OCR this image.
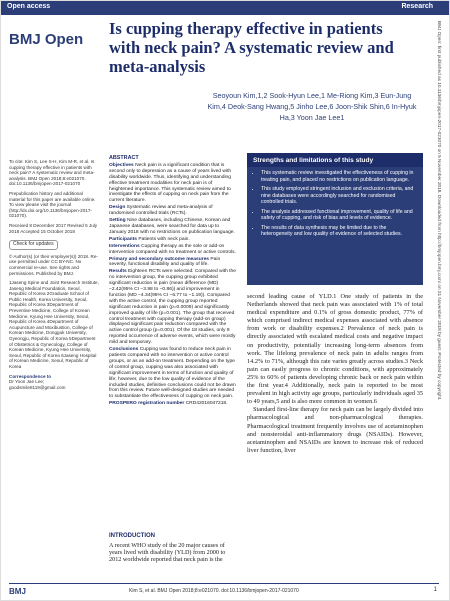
Open access	Research
BMJ Open
Is cupping therapy effective in patients with neck pain? A systematic review and meta-analysis
Seoyoun Kim,1,2 Sook-Hyun Lee,1 Me-Riong Kim,3 Eun-Jung Kim,4 Deok-Sang Hwang,5 Jinho Lee,6 Joon-Shik Shin,6 In-Hyuk Ha,3 Yoon Jae Lee1

To cite: Kim S, Lee S-H, Kim M-R, et al. Is cupping therapy effective in patients with neck pain? A systematic review and meta-analysis. BMJ Open 2018;8:e021070. doi:10.1136/bmjopen-2017-021070

Prepublication history and additional material for this paper are available online. To view please visit the journal (http://dx.doi.org/10.1136/bmjopen-2017-021070).

Received 8 December 2017 Revised 5 July 2018 Accepted 15 October 2018

Check for updates

© Author(s) (or their employer(s)) 2018. Re-use permitted under CC BY-NC. No commercial re-use. See rights and permissions. Published by BMJ.

1Jaseng Spine and Joint Research Institute, Jaseng Medical Foundation, Seoul, Republic of Korea 2Graduate School of Public Health, Korea University, Seoul, Republic of Korea 3Department of Preventive Medicine, College of Korean Medicine, Kyung Hee University, Seoul, Republic of Korea 4Department of Acupuncture and Moxibustion, College of Korean Medicine, Dongguk University, Gyeongju, Republic of Korea 5Department of Obstetrics & Gynecology, College of Korean Medicine, Kyung Hee University, Seoul, Republic of Korea 6Jaseng Hospital of Korean Medicine, Seoul, Republic of Korea

Correspondence to
Dr Yoon Jae Lee; goodsmile8119@gmail.com
ABSTRACT

Objectives Neck pain is a significant condition that is second only to depression as a cause of years lived with disability worldwide. Thus, identifying and understanding effective treatment modalities for neck pain is of heightened importance. This systematic review aimed to investigate the effects of cupping on neck pain from the current literature.

Design Systematic review and meta-analysis of randomised controlled trials (RCTs).

Setting Nine databases, including Chinese, Korean and Japanese databases, were searched for data up to January 2018 with no restrictions on publication language.

Participants Patients with neck pain.

Interventions Cupping therapy as the sole or add-on intervention compared with no treatment or active controls.

Primary and secondary outcome measures Pain severity, functional disability and quality of life.

Results Eighteen RCTs were selected. Compared with the no intervention group, the cupping group exhibited significant reduction in pain (mean difference (MD) −2.42(95% CI −3.98 to −0.86)) and improvement in function (MD −4.34(95% CI −6.77 to −1.19)). Compared with the active control, the cupping group reported significant reduction in pain (p=0.0009) and significantly improved quality of life (p=0.001). The group that received control treatment with cupping therapy (add-on group) displayed significant pain reduction compared with the active control group (p=0.001). Of the 18 studies, only 8 reported occurrence of adverse events, which were mostly mild and temporary.

Conclusions Cupping was found to reduce neck pain in patients compared with no intervention or active control groups, or as an add-on treatment. Depending on the type of control group, cupping was also associated with significant improvement in terms of function and quality of life; however, due to the low quality of evidence of the included studies, definitive conclusions could not be drawn from this review. Future well-designed studies are needed to substantiate the effectiveness of cupping on neck pain.

PROSPERO registration number CRD42016047218.

INTRODUCTION
A recent WHO study of the 20 major causes of years lived with disability (YLD) from 2000 to 2012 worldwide reported that neck pain is the
Strengths and limitations of this study
• This systematic review investigated the effectiveness of cupping in treating pain, and placed no restrictions on publication language.
• This study employed stringent inclusion and exclusion criteria, and nine databases were accordingly searched for randomised controlled trials.
• The analysis addressed functional improvement, quality of life and safety of cupping, and risk of bias and levels of evidence.
• The results of data synthesis may be limited due to the heterogeneity and low quality of evidence of selected studies.

second leading cause of YLD.1 One study of patients in the Netherlands showed that neck pain was associated with 1% of total medical expenditure and 0.1% of gross domestic product, 77% of which comprised indirect medical expenses associated with absence from work or disability expenses.2 Prevalence of neck pain is directly associated with escalated medical costs and negative impact on productivity, potentially increasing long-term absences from work. The lifelong prevalence of neck pain in adults ranges from 14.2% to 71%, although this rate varies greatly across studies.3 Neck pain can easily progress to chronic conditions, with approximately 25% to 60% of patients developing chronic back or neck pain within the first year.4 Additionally, neck pain is reported to be most prevalent in high activity age groups, particularly individuals aged 35 to 49 years,5 and is also more common in women.6

Standard first-line therapy for neck pain can be largely divided into pharmacological and non-pharmacological therapies. Pharmacological treatment frequently involves use of acetaminophen and nonsteroidal anti-inflammatory drugs (NSAIDs). However, acetaminophen and NSAIDs are known to increase risk of reduced liver function, liver

BMJ Open: first published as 10.1136/bmjopen-2017-021070 on 5 November 2018. Downloaded from http://bmjopen.bmj.com/ on 21 November 2018 by guest. Protected by copyright.
BMJ	Kim S, et al. BMJ Open 2018;8:e021070. doi:10.1136/bmjopen-2017-021070	1
